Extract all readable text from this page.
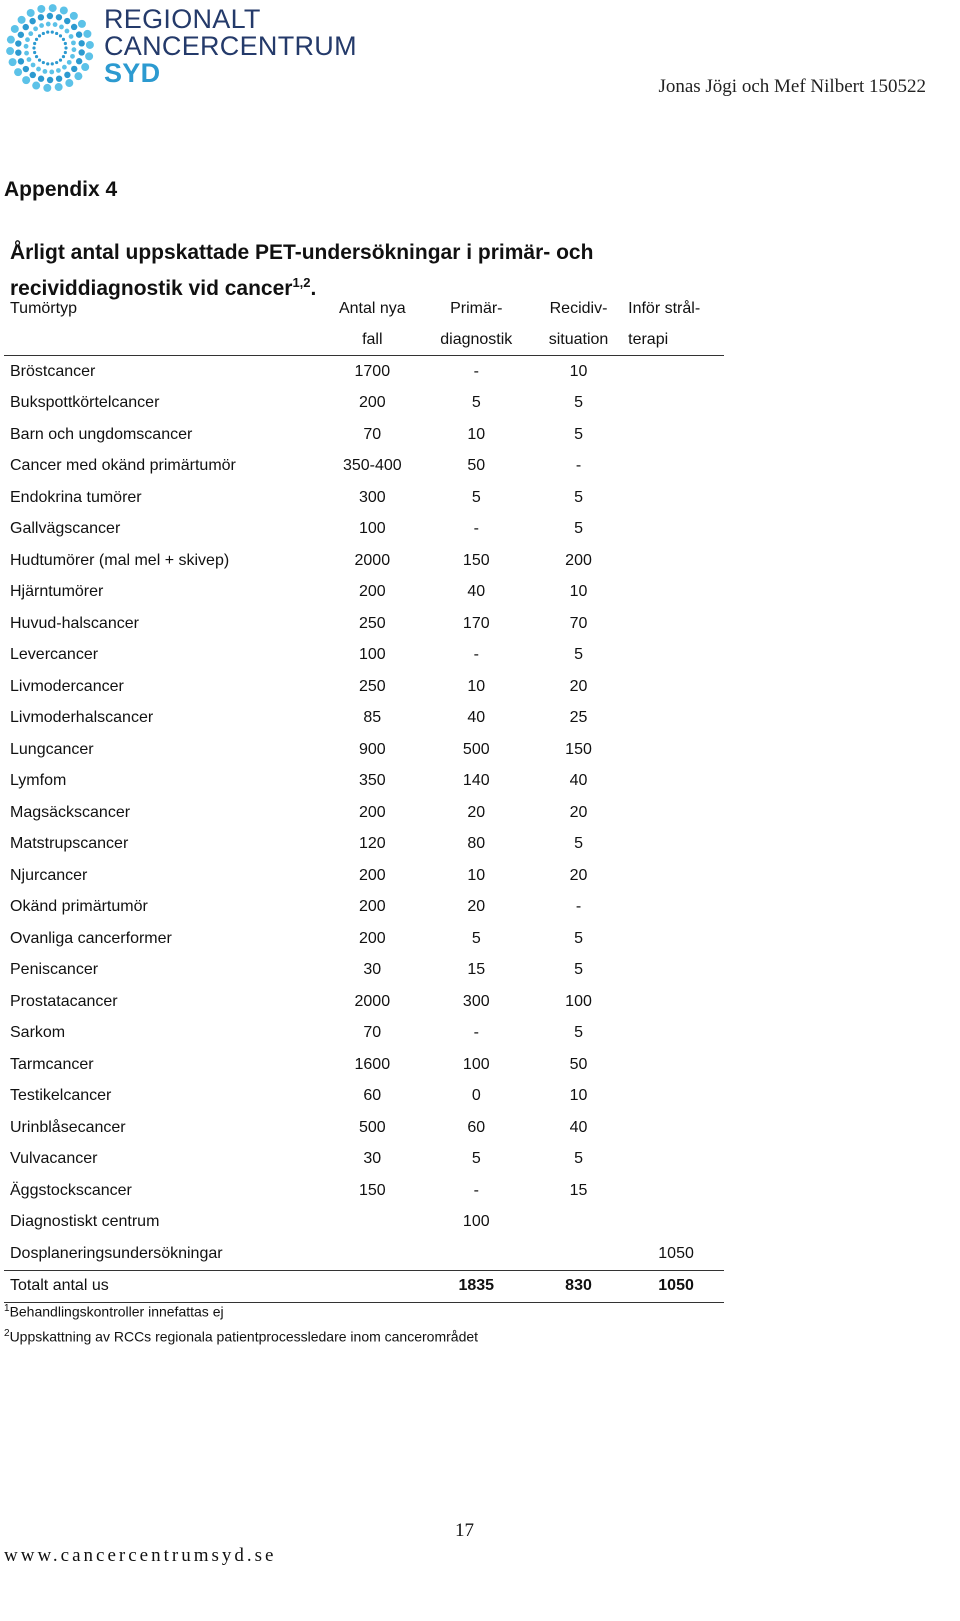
REGIONALT
CANCERCENTRUM
SYD	Jonas Jögi och Mef Nilbert 150522
Appendix 4
Årligt antal uppskattade PET-undersökningar i primär- och
recividdiagnostik vid cancer$^{1,2}$.
Tumörtyp	Antal nya	Primär-	Recidiv-	Inför strål-
	fall	diagnostik	situation	terapi
Bröstcancer	1700	-	10	
Bukspottkörtelcancer	200	5	5	
Barn och ungdomscancer	70	10	5	
Cancer med okänd primärtumör	350-400	50	-	
Endokrina tumörer	300	5	5	
Gallvägscancer	100	-	5	
Hudtumörer (mal mel + skivep)	2000	150	200	
Hjärntumörer	200	40	10	
Huvud-halscancer	250	170	70	
Levercancer	100	-	5	
Livmodercancer	250	10	20	
Livmoderhalscancer	85	40	25	
Lungcancer	900	500	150	
Lymfom	350	140	40	
Magsäckscancer	200	20	20	
Matstrupscancer	120	80	5	
Njurcancer	200	10	20	
Okänd primärtumör	200	20	-	
Ovanliga cancerformer	200	5	5	
Peniscancer	30	15	5	
Prostatacancer	2000	300	100	
Sarkom	70	-	5	
Tarmcancer	1600	100	50	
Testikelcancer	60	0	10	
Urinblåsecancer	500	60	40	
Vulvacancer	30	5	5	
Äggstockscancer	150	-	15	
Diagnostiskt centrum		100		
Dosplaneringsundersökningar				1050
Totalt antal us		1835	830	1050
$^1$Behandlingskontroller innefattas ej
$^2$Uppskattning av RCCs regionala patientprocessledare inom cancerområdet
17
www.cancercentrumsyd.se
